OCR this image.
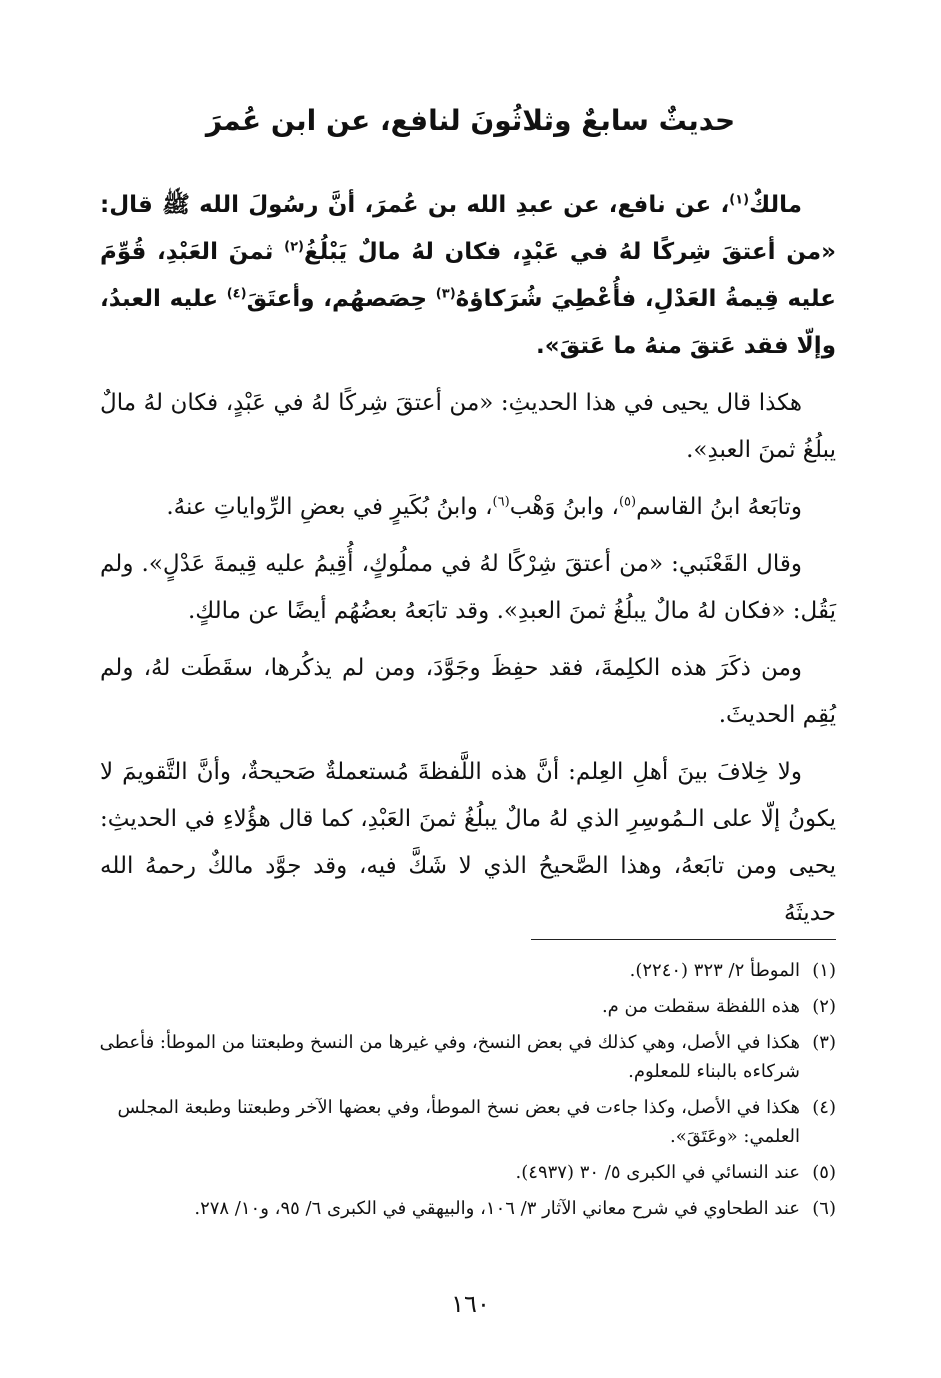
حديثٌ سابعٌ وثلاثُونَ لنافع، عن ابن عُمرَ

مالكٌ$^{(١)}$، عن نافع، عن عبدِ الله بن عُمرَ، أنَّ رسُولَ الله ﷺ قال: «من أعتقَ شِركًا لهُ في عَبْدٍ، فكان لهُ مالٌ يَبْلُغُ$^{(٢)}$ ثمنَ العَبْدِ، قُوِّمَ عليه قِيمةُ العَدْلِ، فأُعْطِيَ شُرَكاؤهُ$^{(٣)}$ حِصَصهُم، وأعتَقَ$^{(٤)}$ عليه العبدُ، وإلّا فقد عَتقَ منهُ ما عَتقَ».

هكذا قال يحيى في هذا الحديثِ: «من أعتقَ شِركًا لهُ في عَبْدٍ، فكان لهُ مالٌ يبلُغُ ثمنَ العبدِ».

وتابَعهُ ابنُ القاسم$^{(٥)}$، وابنُ وَهْب$^{(٦)}$، وابنُ بُكَيرٍ في بعضِ الرِّواياتِ عنهُ.

وقال القَعْنَبي: «من أعتقَ شِرْكًا لهُ في مملُوكٍ، أُقِيمُ عليه قِيمةَ عَدْلٍ». ولم يَقُل: «فكان لهُ مالٌ يبلُغُ ثمنَ العبدِ». وقد تابَعهُ بعضُهُم أيضًا عن مالكٍ.

ومن ذكَرَ هذه الكلِمةَ، فقد حفِظَ وجَوَّدَ، ومن لم يذكُرها، سقَطَت لهُ، ولم يُقِم الحديثَ.

ولا خِلافَ بينَ أهلِ العِلم: أنَّ هذه اللَّفظةَ مُستعملةٌ صَحيحةٌ، وأنَّ التَّقويمَ لا يكونُ إلّا على الـمُوسِرِ الذي لهُ مالٌ يبلُغُ ثمنَ العَبْدِ، كما قال هؤُلاءِ في الحديثِ: يحيى ومن تابَعهُ، وهذا الصَّحيحُ الذي لا شَكَّ فيه، وقد جوَّد مالكٌ رحمهُ الله حديثَهُ

(١)الموطأ ٢/ ٣٢٣ (٢٢٤٠).
(٢)هذه اللفظة سقطت من م.
(٣)هكذا في الأصل، وهي كذلك في بعض النسخ، وفي غيرها من النسخ وطبعتنا من الموطأ: فأعطى شركاءه بالبناء للمعلوم.
(٤)هكذا في الأصل، وكذا جاءت في بعض نسخ الموطأ، وفي بعضها الآخر وطبعتنا وطبعة المجلس العلمي: «وعَتَقَ».
(٥)عند النسائي في الكبرى ٥/ ٣٠ (٤٩٣٧).
(٦)عند الطحاوي في شرح معاني الآثار ٣/ ١٠٦، والبيهقي في الكبرى ٦/ ٩٥، و١٠/ ٢٧٨.
١٦٠
